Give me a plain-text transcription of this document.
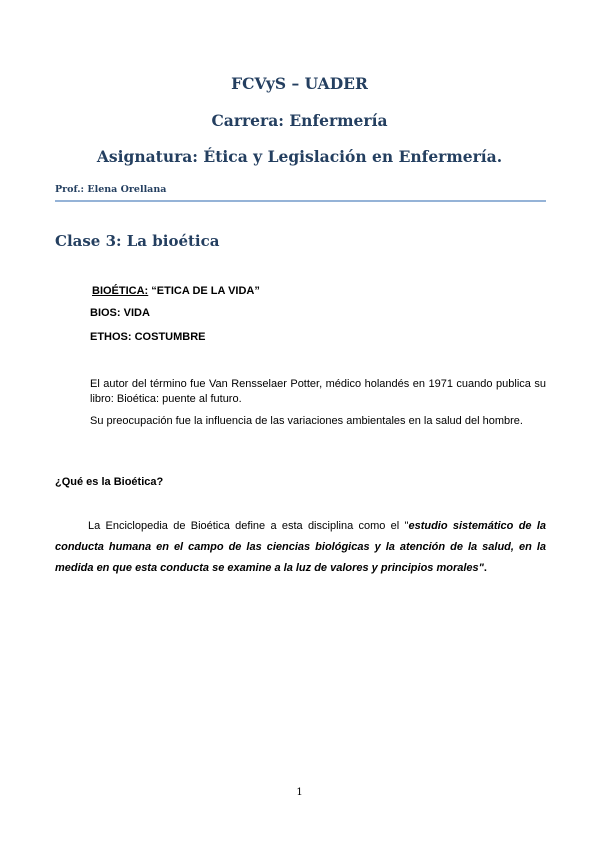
FCVyS – UADER
Carrera: Enfermería
Asignatura: Ética y Legislación en Enfermería.
Prof.: Elena Orellana
Clase 3: La bioética
BIOÉTICA: “ETICA DE LA VIDA”
BIOS: VIDA
ETHOS: COSTUMBRE
El autor del término fue Van Rensselaer Potter, médico holandés en 1971 cuando publica su libro: Bioética: puente al futuro.
Su preocupación fue la influencia de las variaciones ambientales en la salud del hombre.
¿Qué es la Bioética?
La Enciclopedia de Bioética define a esta disciplina como el "estudio sistemático de la conducta humana en el campo de las ciencias biológicas y la atención de la salud, en la medida en que esta conducta se examine a la luz de valores y principios morales".
1
